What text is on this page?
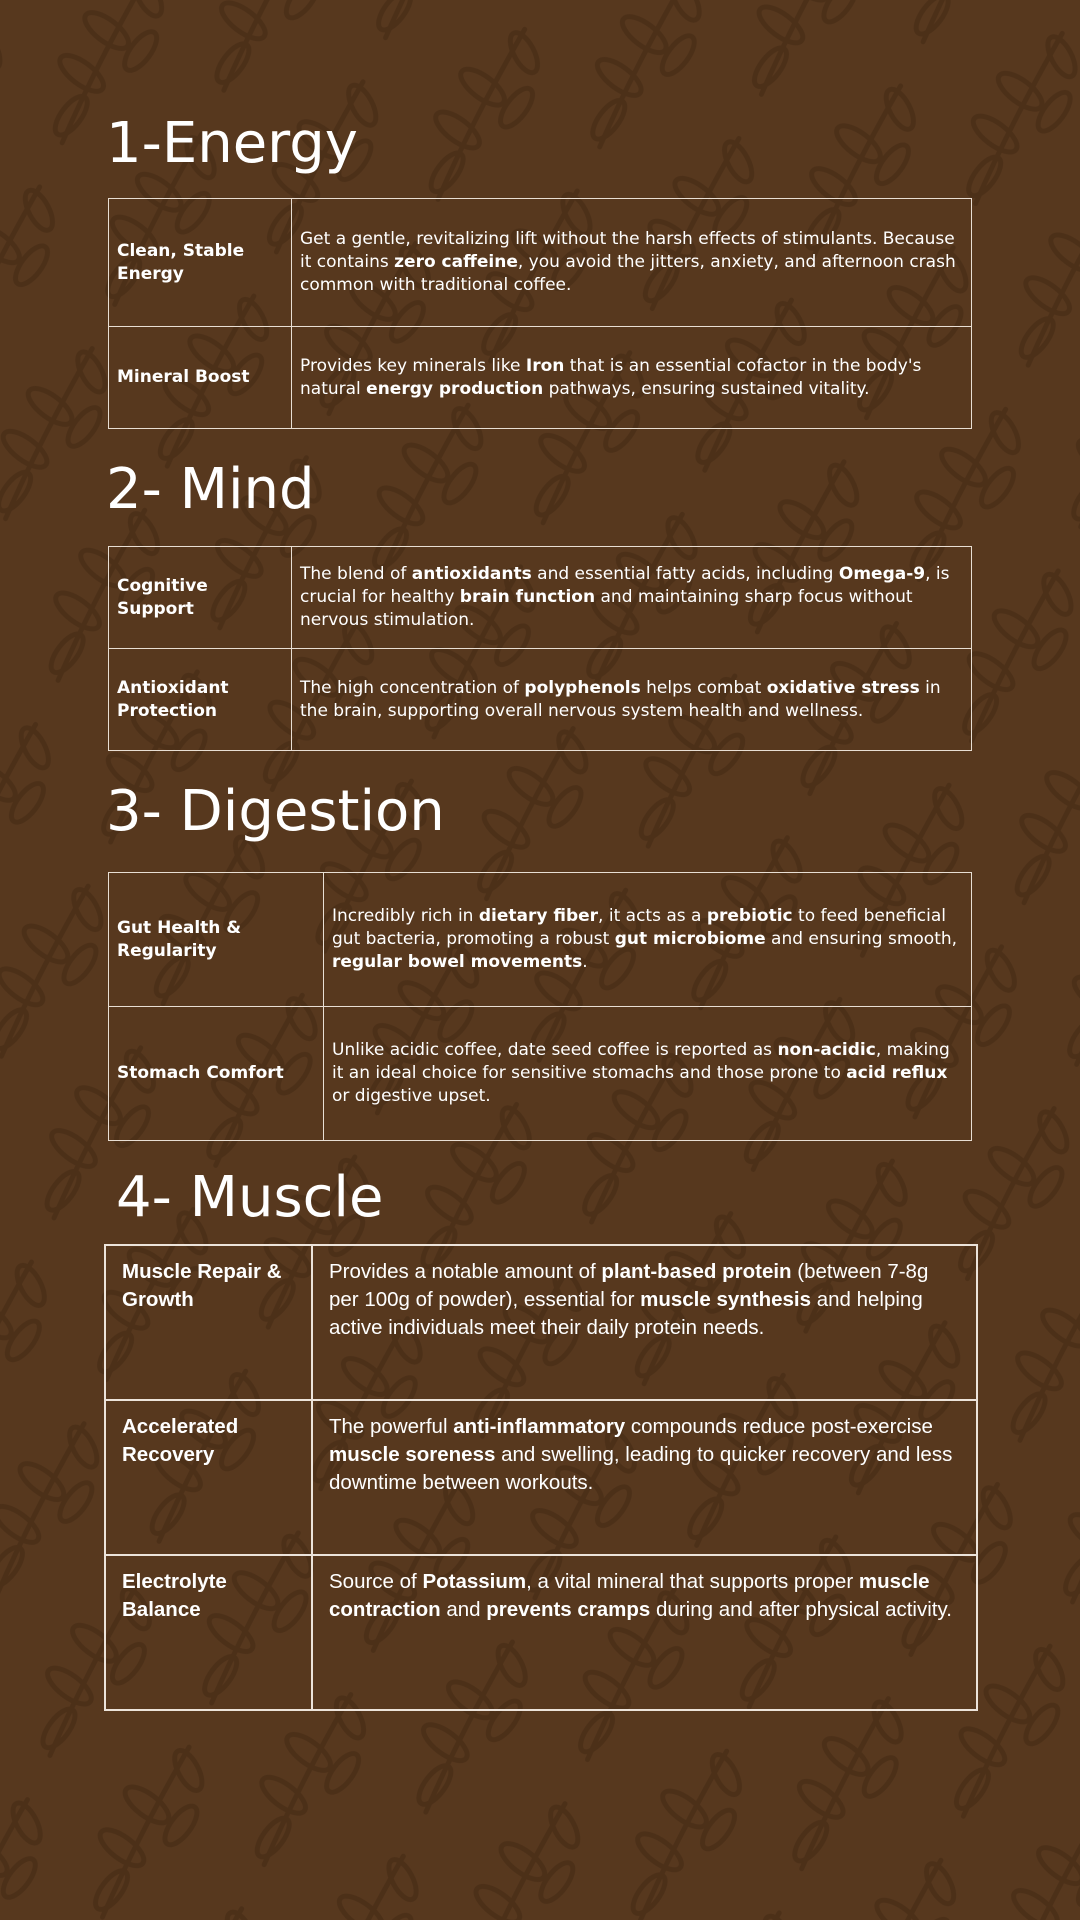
1-Energy
Clean, Stable Energy	Get a gentle, revitalizing lift without the harsh effects of stimulants. Because it contains zero caffeine, you avoid the jitters, anxiety, and afternoon crash common with traditional coffee.
Mineral Boost	Provides key minerals like Iron that is an essential cofactor in the body's natural energy production pathways, ensuring sustained vitality.
2- Mind
Cognitive Support	The blend of antioxidants and essential fatty acids, including Omega-9, is crucial for healthy brain function and maintaining sharp focus without nervous stimulation.
Antioxidant Protection	The high concentration of polyphenols helps combat oxidative stress in the brain, supporting overall nervous system health and wellness.
3- Digestion
Gut Health & Regularity	Incredibly rich in dietary fiber, it acts as a prebiotic to feed beneficial gut bacteria, promoting a robust gut microbiome and ensuring smooth, regular bowel movements.
Stomach Comfort	Unlike acidic coffee, date seed coffee is reported as non-acidic, making it an ideal choice for sensitive stomachs and those prone to acid reflux or digestive upset.
4- Muscle
Muscle Repair & Growth	Provides a notable amount of plant-based protein (between 7-8g per 100g of powder), essential for muscle synthesis and helping active individuals meet their daily protein needs.
Accelerated Recovery	The powerful anti-inflammatory compounds reduce post-exercise muscle soreness and swelling, leading to quicker recovery and less downtime between workouts.
Electrolyte Balance	Source of Potassium, a vital mineral that supports proper muscle contraction and prevents cramps during and after physical activity.
